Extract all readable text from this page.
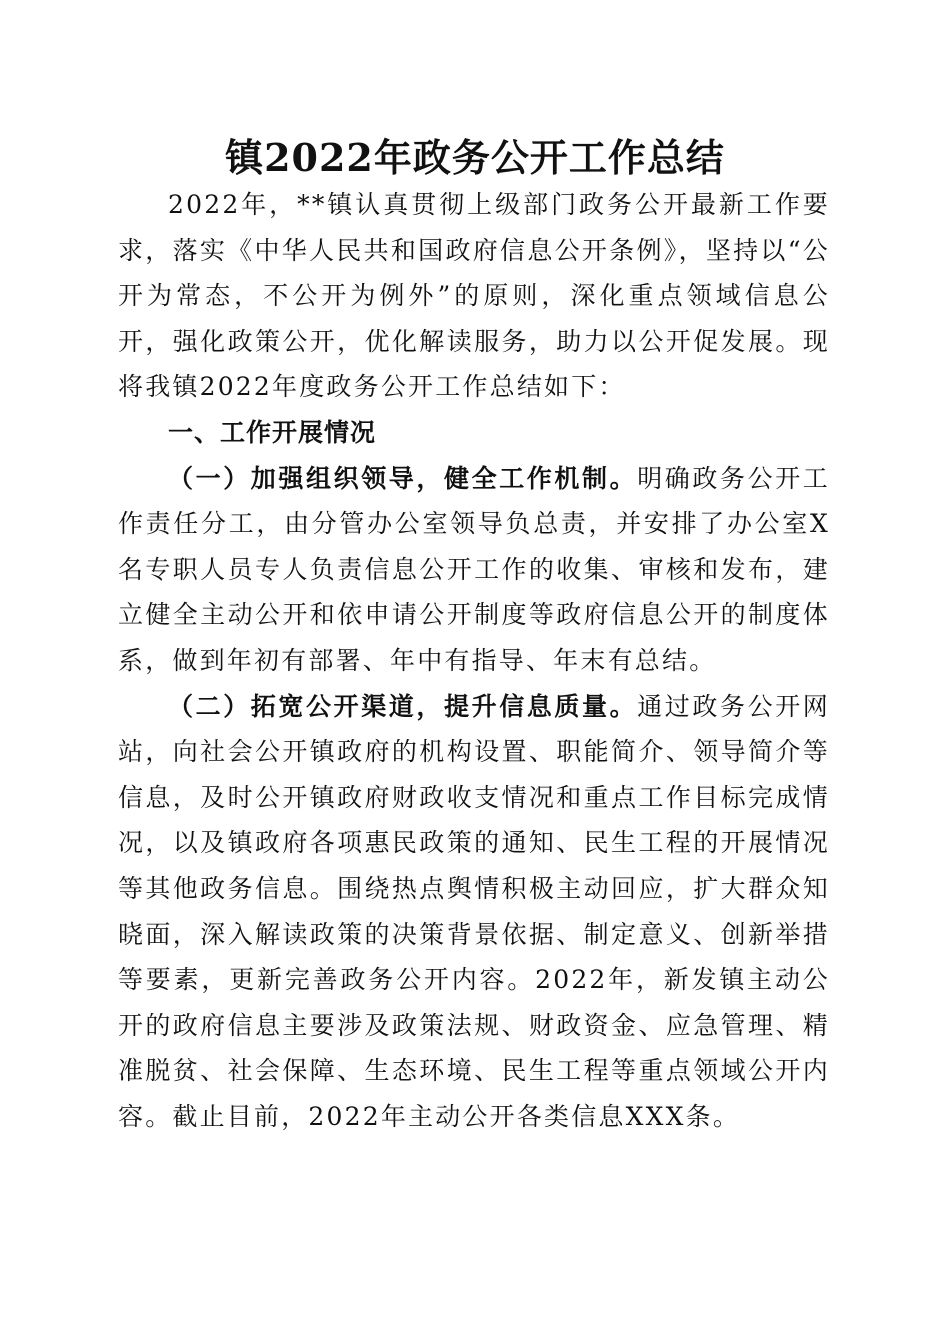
镇2022年政务公开工作总结

2022年，**镇认真贯彻上级部门政务公开最新工作要求，落实《中华人民共和国政府信息公开条例》，坚持以“公开为常态，不公开为例外”的原则，深化重点领域信息公开，强化政策公开，优化解读服务，助力以公开促发展。现将我镇2022年度政务公开工作总结如下：

一、工作开展情况

（一）加强组织领导，健全工作机制。明确政务公开工作责任分工，由分管办公室领导负总责，并安排了办公室X名专职人员专人负责信息公开工作的收集、审核和发布，建立健全主动公开和依申请公开制度等政府信息公开的制度体系，做到年初有部署、年中有指导、年末有总结。

（二）拓宽公开渠道，提升信息质量。通过政务公开网站，向社会公开镇政府的机构设置、职能简介、领导简介等信息，及时公开镇政府财政收支情况和重点工作目标完成情况，以及镇政府各项惠民政策的通知、民生工程的开展情况等其他政务信息。围绕热点舆情积极主动回应，扩大群众知晓面，深入解读政策的决策背景依据、制定意义、创新举措等要素，更新完善政务公开内容。2022年，新发镇主动公开的政府信息主要涉及政策法规、财政资金、应急管理、精准脱贫、社会保障、生态环境、民生工程等重点领域公开内容。截止目前，2022年主动公开各类信息XXX条。
